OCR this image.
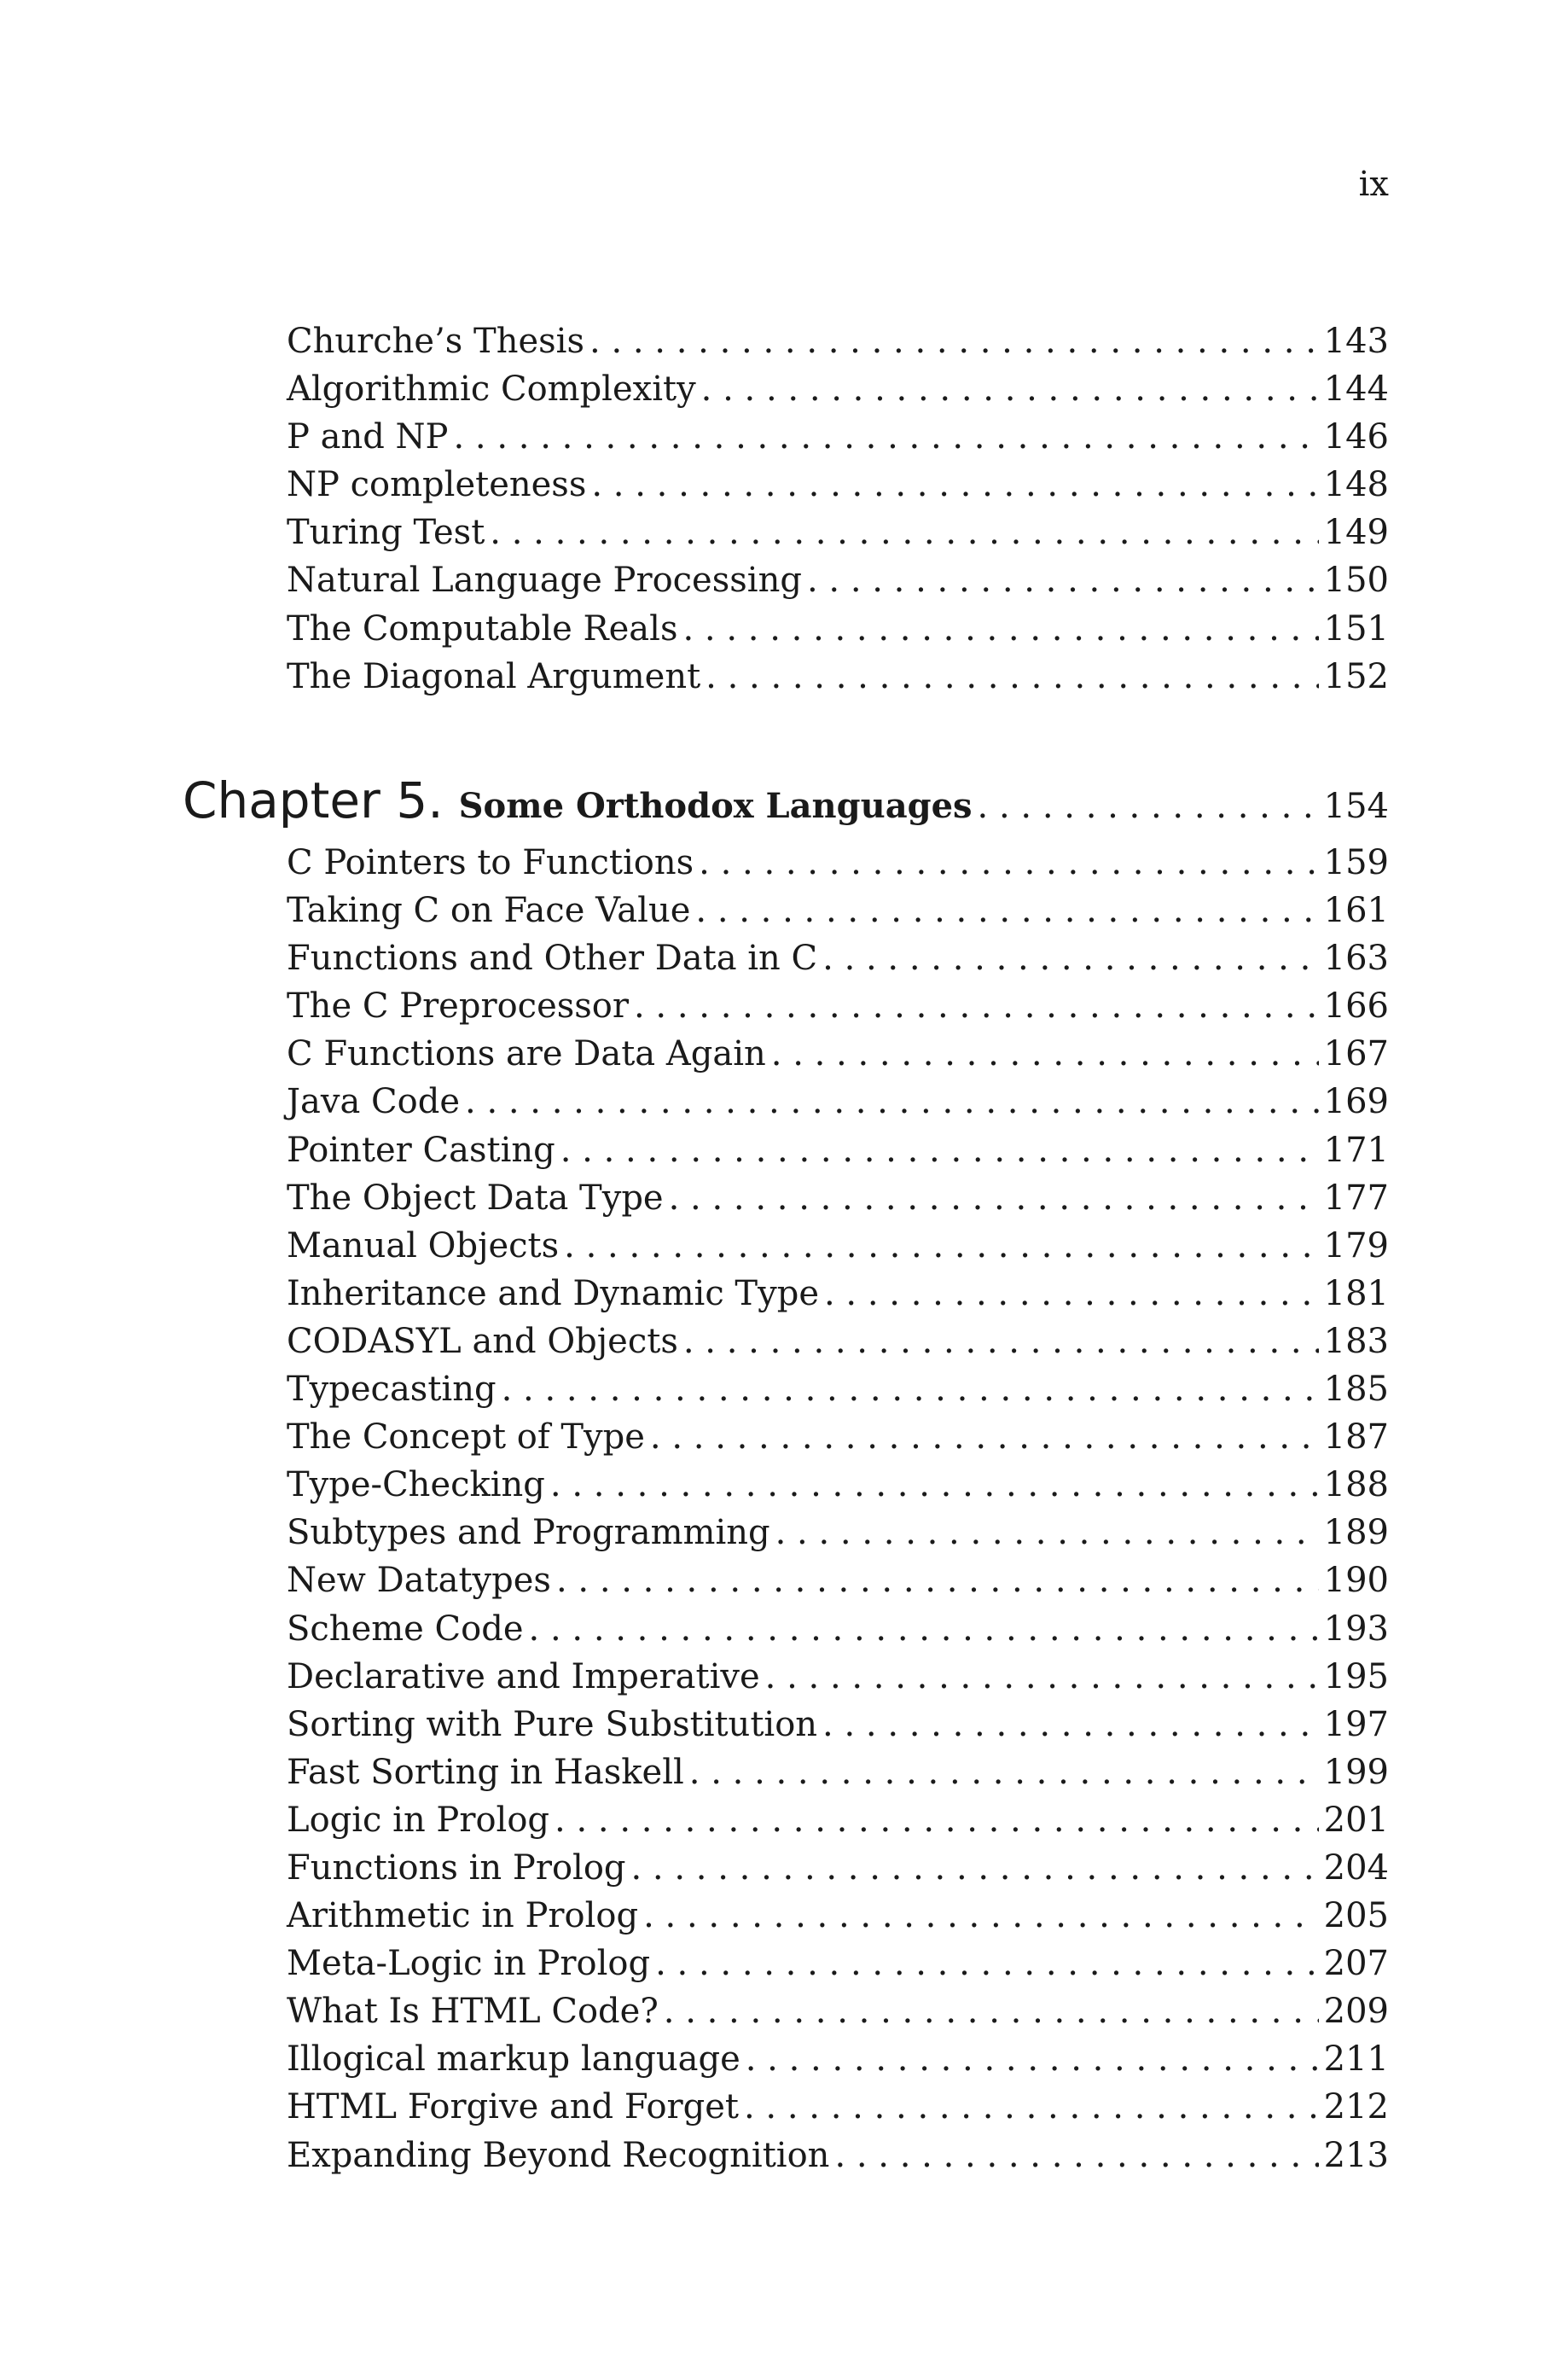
ix
Churche’s Thesis . . .	143
Algorithmic Complexity . . .	144
P and NP . . .	146
NP completeness . . .	148
Turing Test . . .	149
Natural Language Processing . . .	150
The Computable Reals . . .	151
The Diagonal Argument . . .	152
Chapter 5. Some Orthodox Languages . . .	154
C Pointers to Functions . . .	159
Taking C on Face Value . . .	161
Functions and Other Data in C . . .	163
The C Preprocessor . . .	166
C Functions are Data Again . . .	167
Java Code . . .	169
Pointer Casting . . .	171
The Object Data Type . . .	177
Manual Objects . . .	179
Inheritance and Dynamic Type . . .	181
CODASYL and Objects . . .	183
Typecasting . . .	185
The Concept of Type . . .	187
Type-Checking . . .	188
Subtypes and Programming . . .	189
New Datatypes . . .	190
Scheme Code . . .	193
Declarative and Imperative . . .	195
Sorting with Pure Substitution . . .	197
Fast Sorting in Haskell . . .	199
Logic in Prolog . . .	201
Functions in Prolog . . .	204
Arithmetic in Prolog . . .	205
Meta-Logic in Prolog . . .	207
What Is HTML Code? . . .	209
Illogical markup language . . .	211
HTML Forgive and Forget . . .	212
Expanding Beyond Recognition . . .	213
